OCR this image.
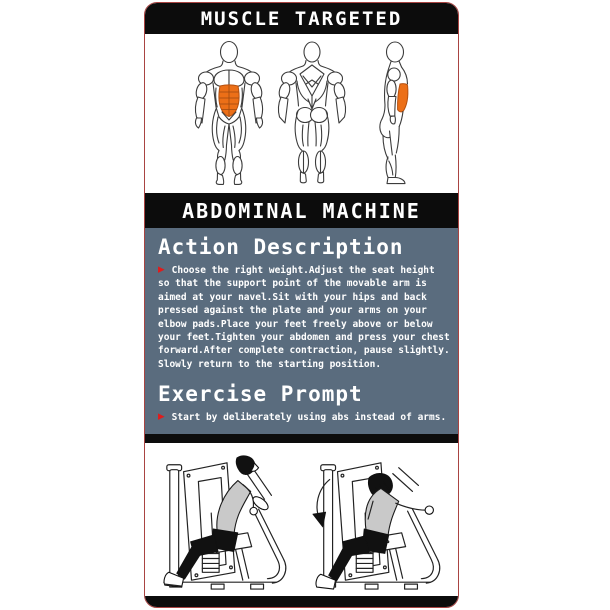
MUSCLE TARGETED
ABDOMINAL MACHINE
Action Description
▶ Choose the right weight.Adjust the seat height
so that the support point of the movable arm is
aimed at your navel.Sit with your hips and back
pressed against the plate and your arms on your
elbow pads.Place your feet freely above or below
your feet.Tighten your abdomen and press your chest
forward.After complete contraction, pause slightly.
Slowly return to the starting position.
Exercise Prompt
▶ Start by deliberately using abs instead of arms.
